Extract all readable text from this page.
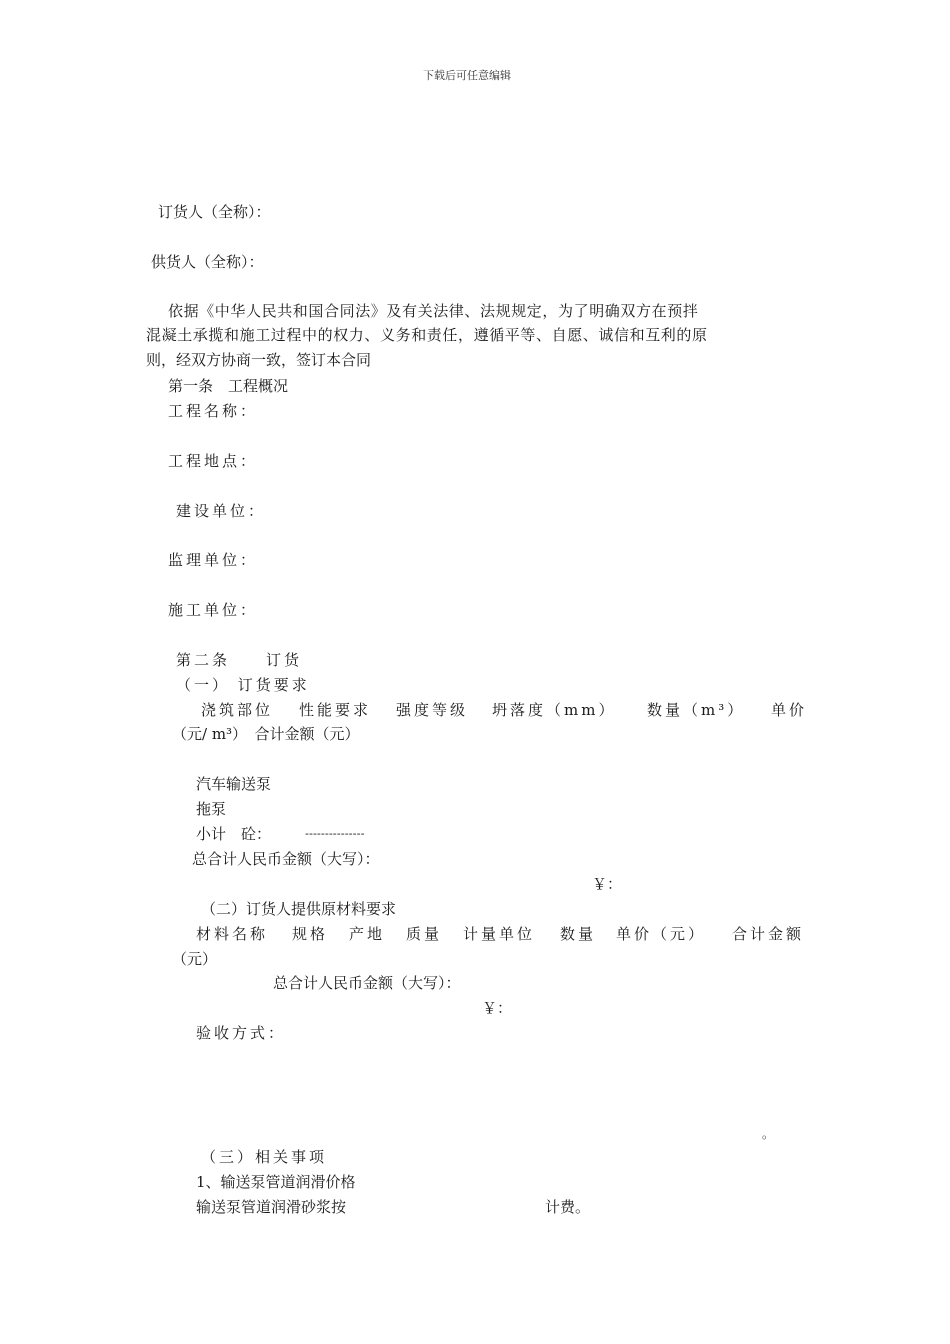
下载后可任意编辑
订货人（全称）：
供货人（全称）：
依据《中华人民共和国合同法》及有关法律、法规规定，为了明确双方在预拌
混凝土承揽和施工过程中的权力、义务和责任，遵循平等、自愿、诚信和互利的原
则，经双方协商一致，签订本合同
第一条　工程概况
工程名称：
工程地点：
建设单位：
监理单位：
施工单位：
第二条　　订货
（一） 订货要求
浇筑部位 性能要求 强度等级 坍落度（mm） 数量（m³） 单价
（元/ m³）　合计金额（元）
汽车输送泵
拖泵
小计　砼：	---------------
总合计人民币金额（大写）：
￥：
（二）订货人提供原材料要求
材料名称 规格 产地 质量 计量单位 数量 单价（元） 合计金额
（元）
总合计人民币金额（大写）：
￥：
验收方式：
。
（三）相关事项
1、输送泵管道润滑价格
输送泵管道润滑砂浆按	计费。
